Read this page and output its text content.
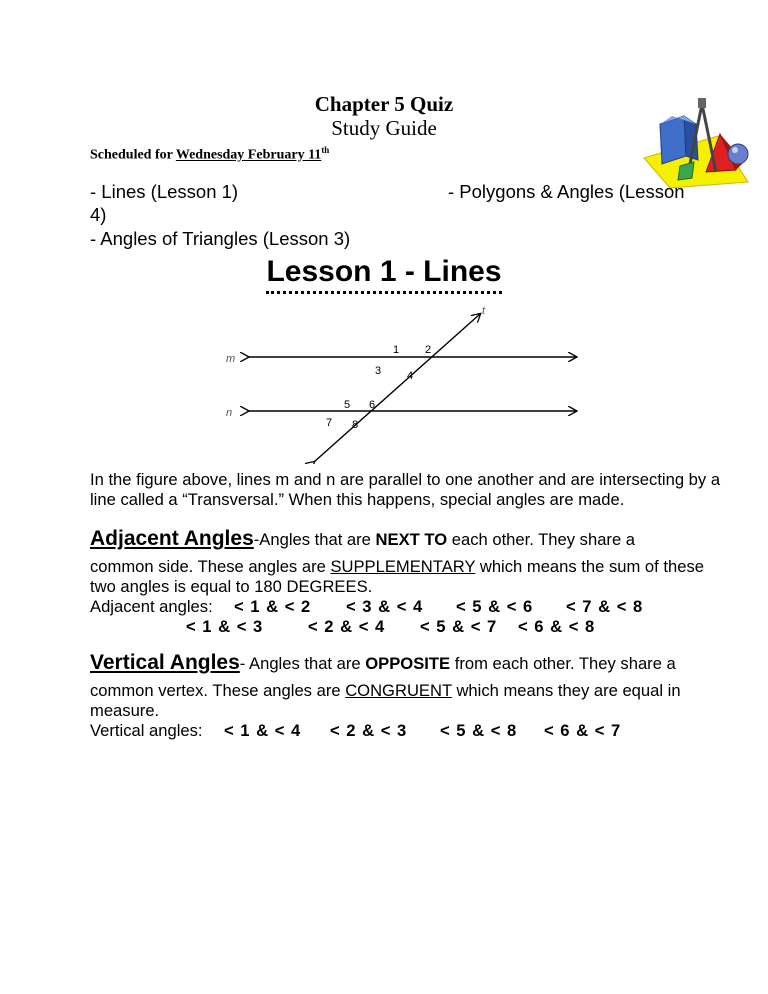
Chapter 5 Quiz
Study Guide
Scheduled for Wednesday February 11th
- Lines (Lesson 1)	- Polygons & Angles (Lesson
4)
- Angles of Triangles (Lesson 3)
Lesson 1 - Lines
m
n
t
1 2
3 4
5 6
7 8
In the figure above, lines m and n are parallel to one another and are intersecting by a line called a “Transversal.” When this happens, special angles are made.
Adjacent Angles-Angles that are NEXT TO each other. They share a
common side. These angles are SUPPLEMENTARY which means the sum of these two angles is equal to 180 DEGREES.
Adjacent angles: < 1 & < 2 < 3 & < 4 < 5 & < 6 < 7 & < 8
< 1 & < 3	< 2 & < 4 < 5 & < 7 < 6 & < 8
Vertical Angles- Angles that are OPPOSITE from each other. They share a
common vertex. These angles are CONGRUENT which means they are equal in measure.
Vertical angles: < 1 & < 4 < 2 & < 3 < 5 & < 8 < 6 & < 7
